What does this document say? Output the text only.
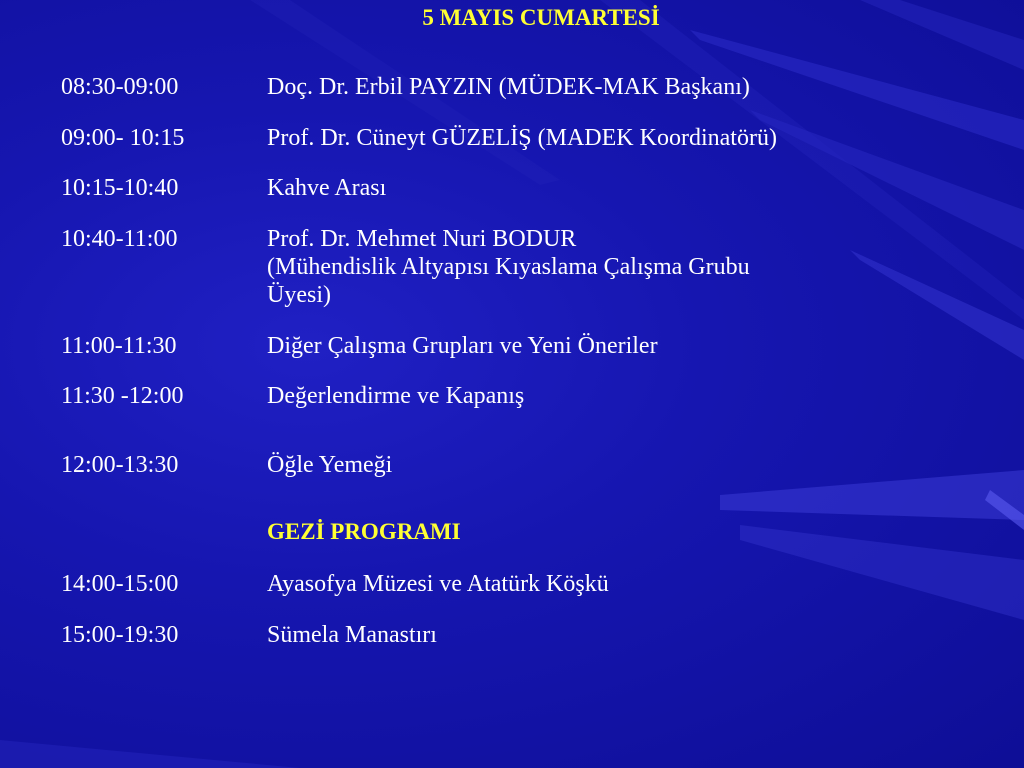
5 MAYIS CUMARTESİ
08:30-09:00	Doç. Dr. Erbil PAYZIN (MÜDEK-MAK Başkanı)
09:00- 10:15	Prof. Dr. Cüneyt GÜZELİŞ (MADEK Koordinatörü)
10:15-10:40	Kahve Arası
10:40-11:00	Prof. Dr. Mehmet Nuri BODUR
(Mühendislik Altyapısı Kıyaslama Çalışma Grubu
Üyesi)
11:00-11:30	Diğer Çalışma Grupları ve Yeni Öneriler
11:30 -12:00	Değerlendirme ve Kapanış
12:00-13:30	Öğle Yemeği
GEZİ PROGRAMI
14:00-15:00	Ayasofya Müzesi ve Atatürk Köşkü
15:00-19:30	Sümela Manastırı
